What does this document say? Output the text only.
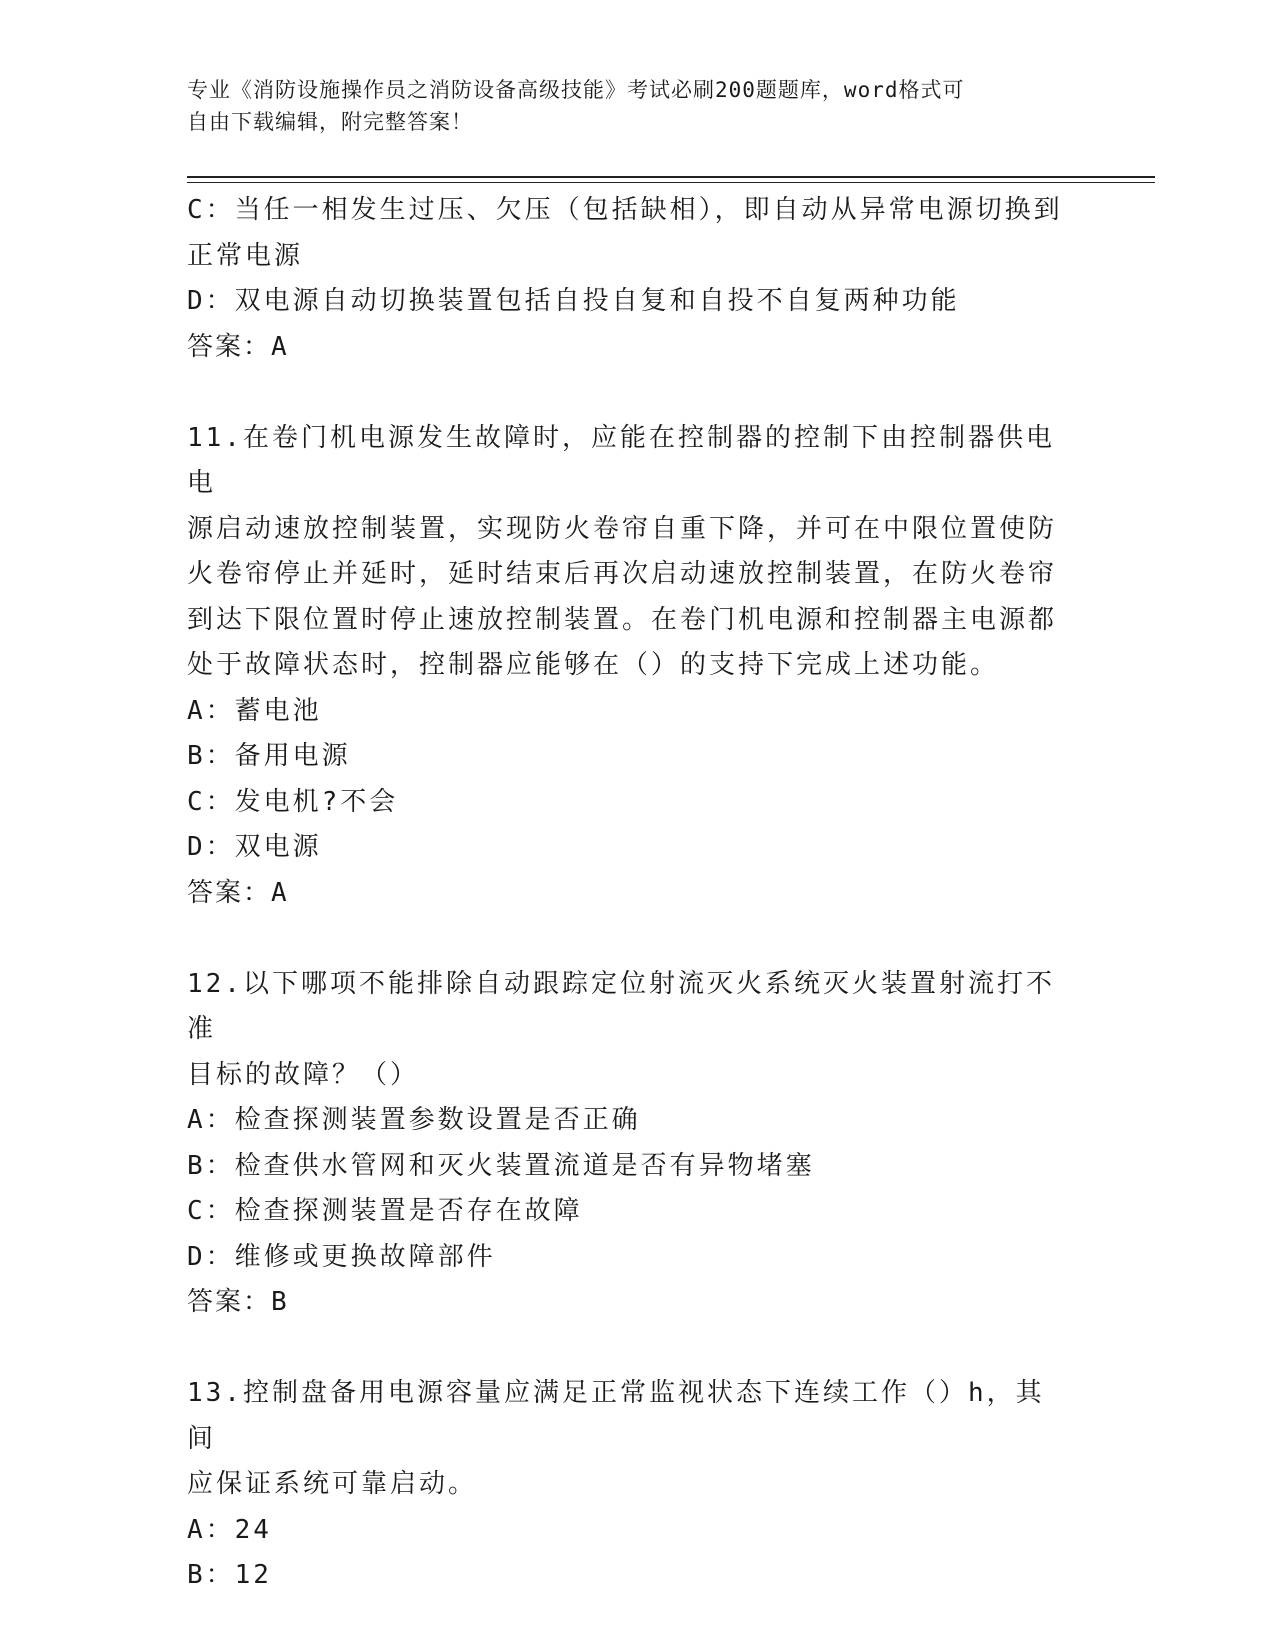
专业《消防设施操作员之消防设备高级技能》考试必刷200题题库，word格式可
自由下载编辑，附完整答案！

C：当任一相发生过压、欠压（包括缺相），即自动从异常电源切换到

正常电源

D：双电源自动切换装置包括自投自复和自投不自复两种功能

答案：A

11.在卷门机电源发生故障时，应能在控制器的控制下由控制器供电电

源启动速放控制装置，实现防火卷帘自重下降，并可在中限位置使防

火卷帘停止并延时，延时结束后再次启动速放控制装置，在防火卷帘

到达下限位置时停止速放控制装置。在卷门机电源和控制器主电源都

处于故障状态时，控制器应能够在（）的支持下完成上述功能。

A：蓄电池

B：备用电源

C：发电机?不会

D：双电源

答案：A

12.以下哪项不能排除自动跟踪定位射流灭火系统灭火装置射流打不准

目标的故障？（）

A：检查探测装置参数设置是否正确

B：检查供水管网和灭火装置流道是否有异物堵塞

C：检查探测装置是否存在故障

D：维修或更换故障部件

答案：B

13.控制盘备用电源容量应满足正常监视状态下连续工作（）h，其间

应保证系统可靠启动。

A：24

B：12
